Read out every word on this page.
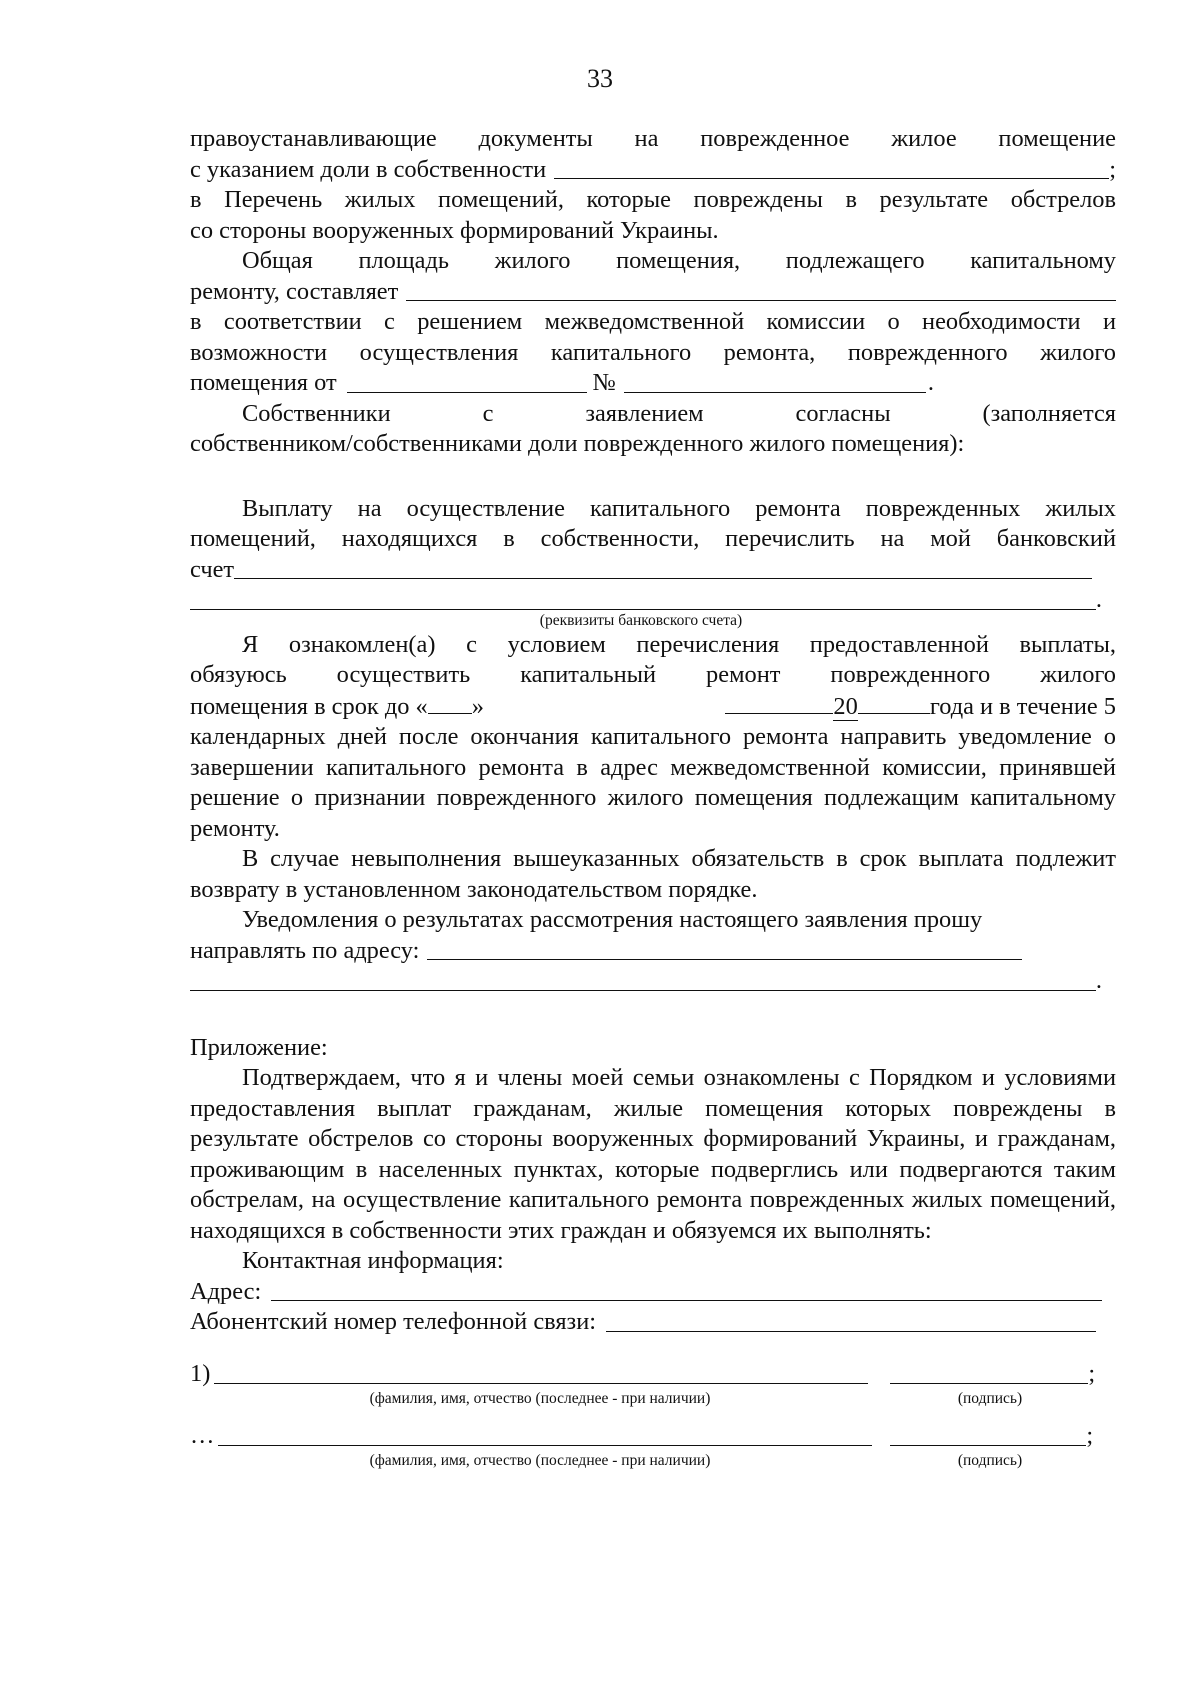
33
правоустанавливающие документы на поврежденное жилое помещение
с указанием доли в собственности	;
в Перечень жилых помещений, которые повреждены в результате обстрелов
со стороны вооруженных формирований Украины.
Общая площадь жилого помещения, подлежащего капитальному
ремонту, составляет
в соответствии с решением межведомственной комиссии о необходимости и
возможности осуществления капитального ремонта, поврежденного жилого
помещения от	№	.
Собственники с заявлением согласны (заполняется
собственником/собственниками доли поврежденного жилого помещения):
Выплату на осуществление капитального ремонта поврежденных жилых
помещений, находящихся в собственности, перечислить на мой банковский
счет
.
(реквизиты банковского счета)
Я ознакомлен(а) с условием перечисления предоставленной выплаты,
обязуюсь осуществить капитальный ремонт поврежденного жилого
помещения в срок до « »	20	года и в течение 5
календарных дней после окончания капитального ремонта направить уведомление о завершении капитального ремонта в адрес межведомственной комиссии, принявшей решение о признании поврежденного жилого помещения подлежащим капитальному ремонту.
В случае невыполнения вышеуказанных обязательств в срок выплата подлежит возврату в установленном законодательством порядке.
Уведомления о результатах рассмотрения настоящего заявления прошу
направлять по адресу:
.
Приложение:
Подтверждаем, что я и члены моей семьи ознакомлены с Порядком и условиями предоставления выплат гражданам, жилые помещения которых повреждены в результате обстрелов со стороны вооруженных формирований Украины, и гражданам, проживающим в населенных пунктах, которые подверглись или подвергаются таким обстрелам, на осуществление капитального ремонта поврежденных жилых помещений, находящихся в собственности этих граждан и обязуемся их выполнять:
Контактная информация:
Адрес:
Абонентский номер телефонной связи:
1)	;
(фамилия, имя, отчество (последнее - при наличии)	(подпись)
…	;
(фамилия, имя, отчество (последнее - при наличии)	(подпись)
